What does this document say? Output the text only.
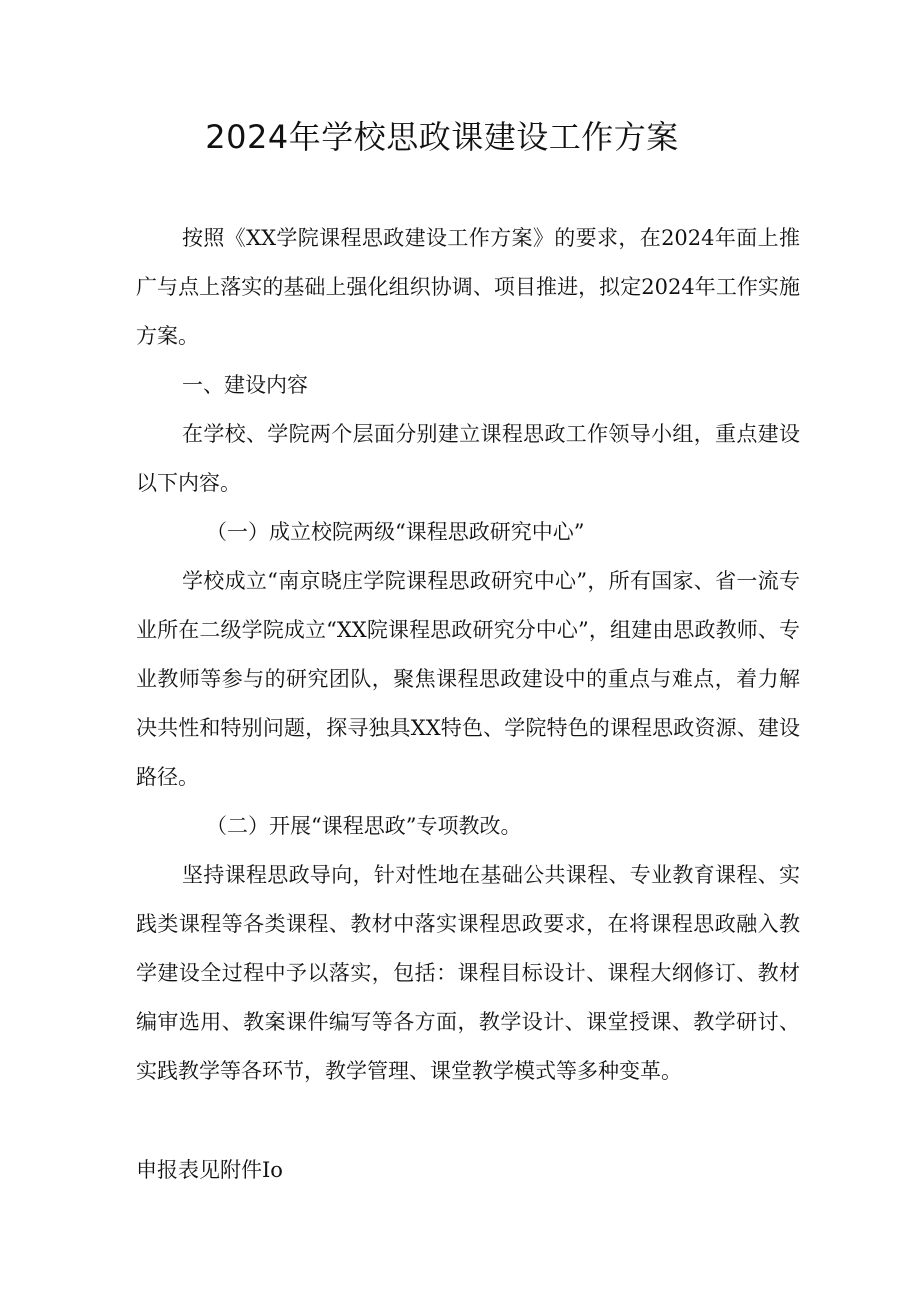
2024年学校思政课建设工作方案

按照《XX学院课程思政建设工作方案》的要求，在2024年面上推广与点上落实的基础上强化组织协调、项目推进，拟定2024年工作实施方案。

一、建设内容

在学校、学院两个层面分别建立课程思政工作领导小组，重点建设以下内容。

（一）成立校院两级“课程思政研究中心”

学校成立“南京晓庄学院课程思政研究中心”，所有国家、省一流专业所在二级学院成立“XX院课程思政研究分中心”，组建由思政教师、专业教师等参与的研究团队，聚焦课程思政建设中的重点与难点，着力解决共性和特别问题，探寻独具XX特色、学院特色的课程思政资源、建设路径。

（二）开展“课程思政”专项教改。

坚持课程思政导向，针对性地在基础公共课程、专业教育课程、实践类课程等各类课程、教材中落实课程思政要求，在将课程思政融入教学建设全过程中予以落实，包括：课程目标设计、课程大纲修订、教材编审选用、教案课件编写等各方面，教学设计、课堂授课、教学研讨、实践教学等各环节，教学管理、课堂教学模式等多种变革。

申报表见附件Io
